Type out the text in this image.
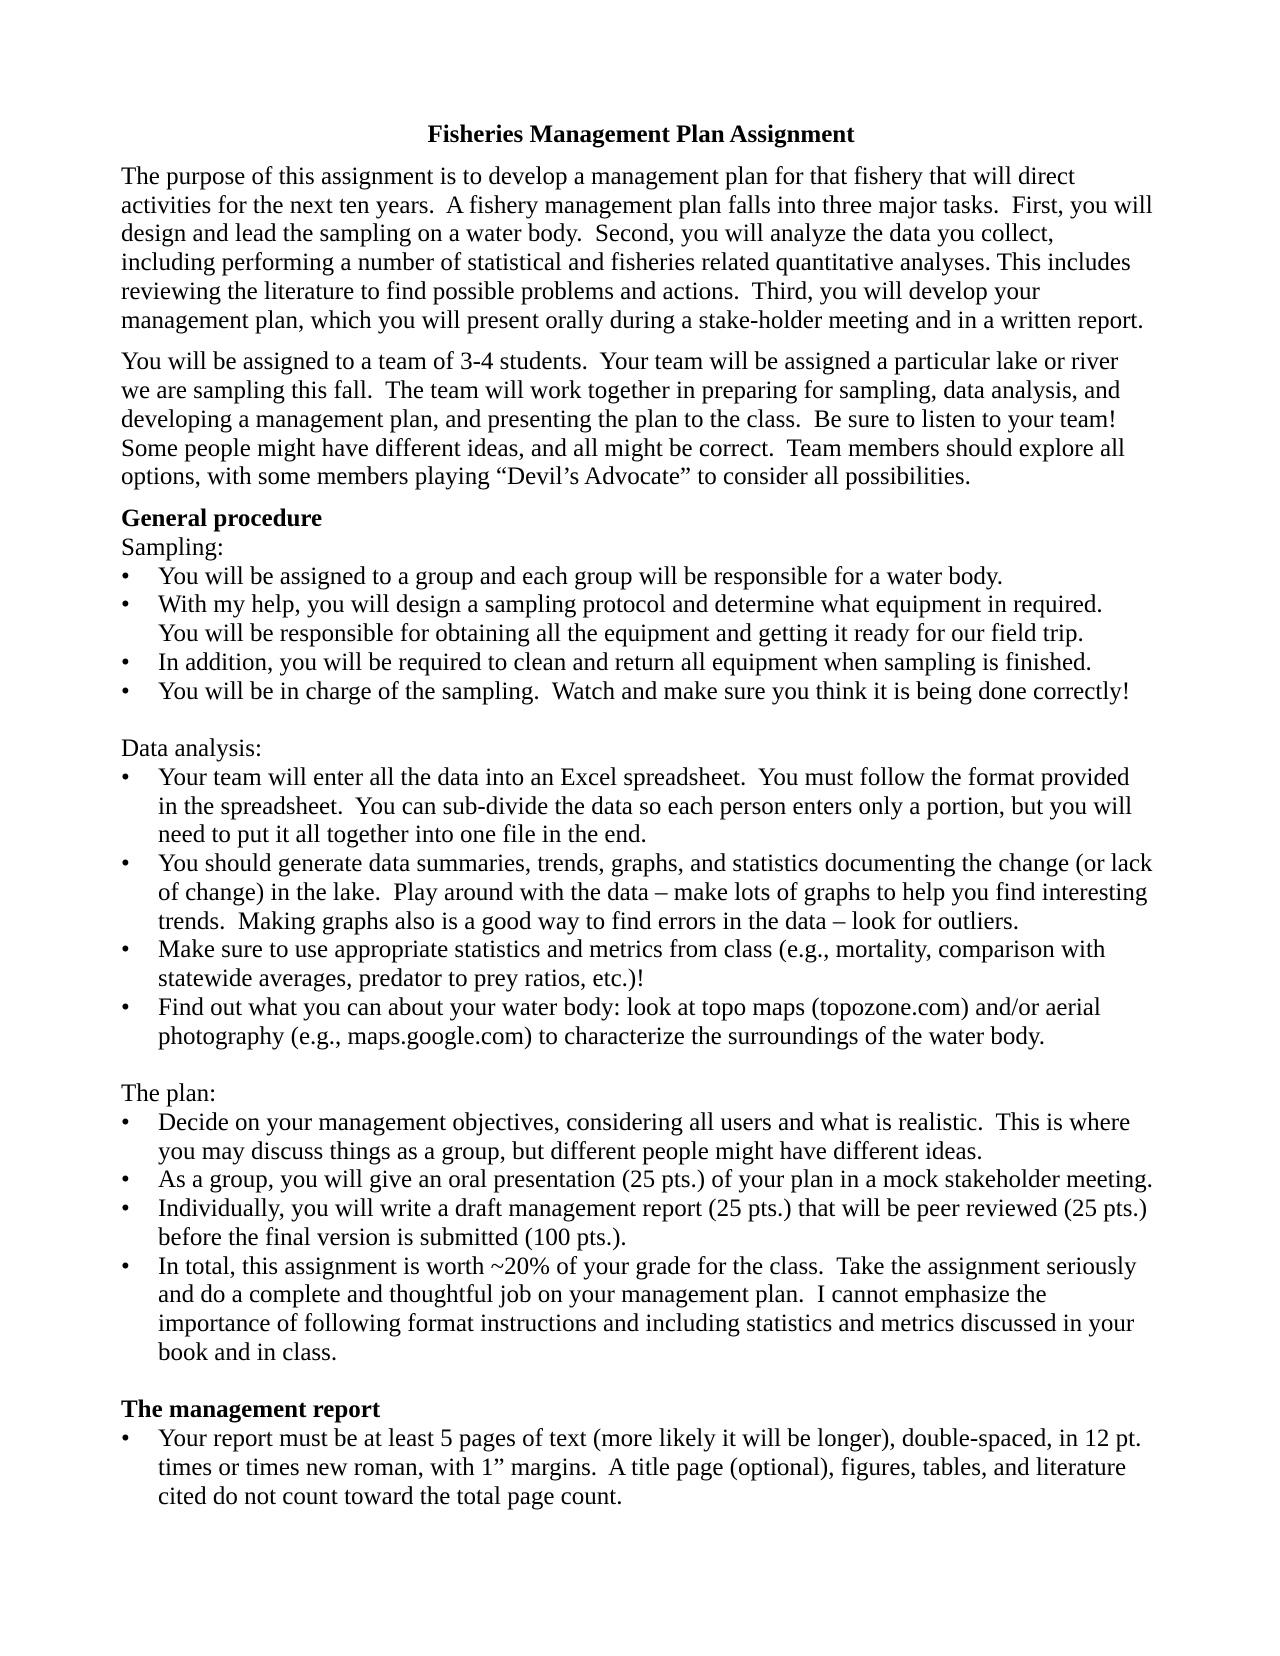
Fisheries Management Plan Assignment
The purpose of this assignment is to develop a management plan for that fishery that will direct
activities for the next ten years.  A fishery management plan falls into three major tasks.  First, you will
design and lead the sampling on a water body.  Second, you will analyze the data you collect,
including performing a number of statistical and fisheries related quantitative analyses. This includes
reviewing the literature to find possible problems and actions.  Third, you will develop your
management plan, which you will present orally during a stake-holder meeting and in a written report.
You will be assigned to a team of 3-4 students.  Your team will be assigned a particular lake or river
we are sampling this fall.  The team will work together in preparing for sampling, data analysis, and
developing a management plan, and presenting the plan to the class.  Be sure to listen to your team!
Some people might have different ideas, and all might be correct.  Team members should explore all
options, with some members playing “Devil’s Advocate” to consider all possibilities.
General procedure
Sampling:
• You will be assigned to a group and each group will be responsible for a water body.
• With my help, you will design a sampling protocol and determine what equipment in required.
You will be responsible for obtaining all the equipment and getting it ready for our field trip.
• In addition, you will be required to clean and return all equipment when sampling is finished.
• You will be in charge of the sampling.  Watch and make sure you think it is being done correctly!
Data analysis:
• Your team will enter all the data into an Excel spreadsheet.  You must follow the format provided
in the spreadsheet.  You can sub-divide the data so each person enters only a portion, but you will
need to put it all together into one file in the end.
• You should generate data summaries, trends, graphs, and statistics documenting the change (or lack
of change) in the lake.  Play around with the data – make lots of graphs to help you find interesting
trends.  Making graphs also is a good way to find errors in the data – look for outliers.
• Make sure to use appropriate statistics and metrics from class (e.g., mortality, comparison with
statewide averages, predator to prey ratios, etc.)!
• Find out what you can about your water body: look at topo maps (topozone.com) and/or aerial
photography (e.g., maps.google.com) to characterize the surroundings of the water body.
The plan:
• Decide on your management objectives, considering all users and what is realistic.  This is where
you may discuss things as a group, but different people might have different ideas.
• As a group, you will give an oral presentation (25 pts.) of your plan in a mock stakeholder meeting.
• Individually, you will write a draft management report (25 pts.) that will be peer reviewed (25 pts.)
before the final version is submitted (100 pts.).
• In total, this assignment is worth ~20% of your grade for the class.  Take the assignment seriously
and do a complete and thoughtful job on your management plan.  I cannot emphasize the
importance of following format instructions and including statistics and metrics discussed in your
book and in class.
The management report
• Your report must be at least 5 pages of text (more likely it will be longer), double-spaced, in 12 pt.
times or times new roman, with 1” margins.  A title page (optional), figures, tables, and literature
cited do not count toward the total page count.
